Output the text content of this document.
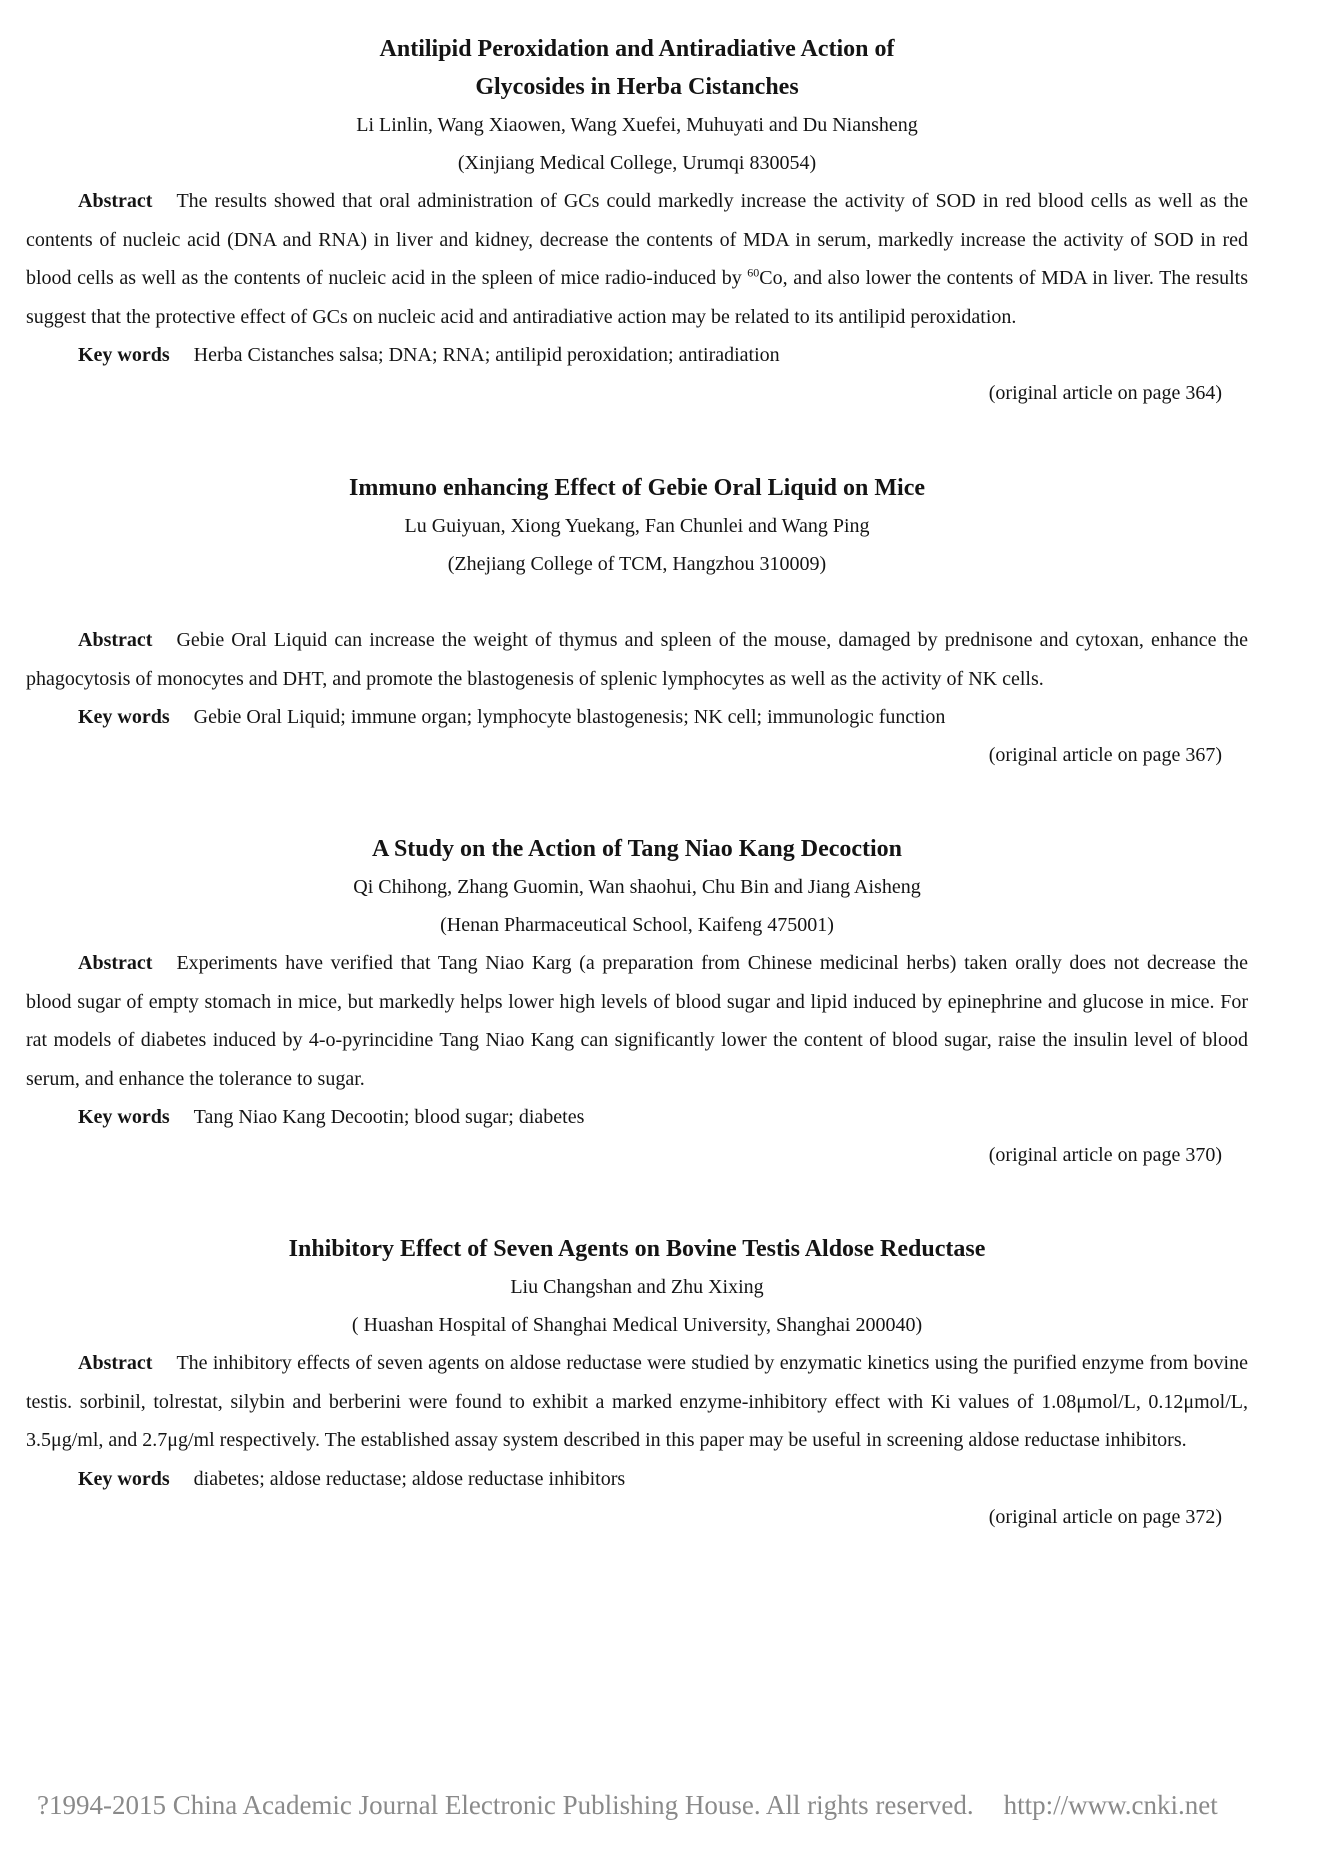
Antilipid Peroxidation and Antiradiative Action of

Glycosides in Herba Cistanches

Li Linlin, Wang Xiaowen, Wang Xuefei, Muhuyati and Du Niansheng

(Xinjiang Medical College, Urumqi 830054)

Abstract The results showed that oral administration of GCs could markedly increase the activity of SOD in red blood cells as well as the contents of nucleic acid (DNA and RNA) in liver and kidney, decrease the contents of MDA in serum, markedly increase the activity of SOD in red blood cells as well as the contents of nucleic acid in the spleen of mice radio-induced by $^{60}$Co, and also lower the contents of MDA in liver. The results suggest that the protective effect of GCs on nucleic acid and antiradiative action may be related to its antilipid peroxidation.

Key words Herba Cistanches salsa; DNA; RNA; antilipid peroxidation; antiradiation

(original article on page 364)

Immuno enhancing Effect of Gebie Oral Liquid on Mice

Lu Guiyuan, Xiong Yuekang, Fan Chunlei and Wang Ping

(Zhejiang College of TCM, Hangzhou 310009)

Abstract Gebie Oral Liquid can increase the weight of thymus and spleen of the mouse, damaged by prednisone and cytoxan, enhance the phagocytosis of monocytes and DHT, and promote the blastogenesis of splenic lymphocytes as well as the activity of NK cells.

Key words Gebie Oral Liquid; immune organ; lymphocyte blastogenesis; NK cell; immunologic function

(original article on page 367)

A Study on the Action of Tang Niao Kang Decoction

Qi Chihong, Zhang Guomin, Wan shaohui, Chu Bin and Jiang Aisheng

(Henan Pharmaceutical School, Kaifeng 475001)

Abstract Experiments have verified that Tang Niao Karg (a preparation from Chinese medicinal herbs) taken orally does not decrease the blood sugar of empty stomach in mice, but markedly helps lower high levels of blood sugar and lipid induced by epinephrine and glucose in mice. For rat models of diabetes induced by 4-o-pyrincidine Tang Niao Kang can significantly lower the content of blood sugar, raise the insulin level of blood serum, and enhance the tolerance to sugar.

Key words Tang Niao Kang Decootin; blood sugar; diabetes

(original article on page 370)

Inhibitory Effect of Seven Agents on Bovine Testis Aldose Reductase

Liu Changshan and Zhu Xixing

( Huashan Hospital of Shanghai Medical University, Shanghai 200040)

Abstract The inhibitory effects of seven agents on aldose reductase were studied by enzymatic kinetics using the purified enzyme from bovine testis. sorbinil, tolrestat, silybin and berberini were found to exhibit a marked enzyme-inhibitory effect with Ki values of 1.08μmol/L, 0.12μmol/L, 3.5μg/ml, and 2.7μg/ml respectively. The established assay system described in this paper may be useful in screening aldose reductase inhibitors.

Key words diabetes; aldose reductase; aldose reductase inhibitors

(original article on page 372)

?1994-2015 China Academic Journal Electronic Publishing House. All rights reserved. http://www.cnki.net
